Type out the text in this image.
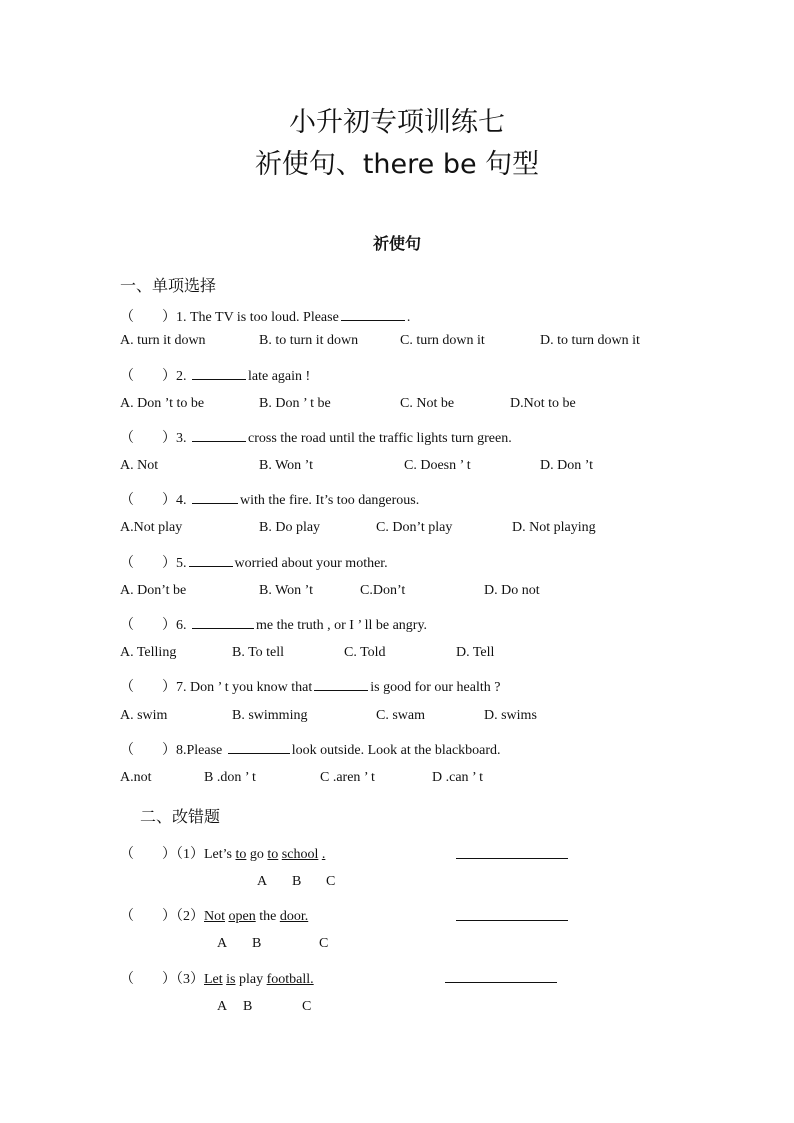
小升初专项训练七
祈使句、there be 句型
祈使句
一、单项选择
（　　）1. The TV is too loud. Please	.
A. turn it down	B. to turn it down	C. turn down it	D. to turn down it
（　　）2.	late again !
A. Don ’t to be	B. Don ’ t be	C. Not be	D.Not to be
（　　）3.	cross the road until the traffic lights turn green.
A. Not	B. Won ’t	C. Doesn ’ t	D. Don ’t
（　　）4.	with the fire. It’s too dangerous.
A.Not play	B. Do play	C. Don’t play	D. Not playing
（　　）5.	worried about your mother.
A. Don’t be	B. Won ’t	C.Don’t	D. Do not
（　　）6.	me the truth , or I ’ ll be angry.
A. Telling	B. To tell	C. Told	D. Tell
（　　）7. Don ’ t you know that	is good for our health ?
A. swim	B. swimming	C. swam	D. swims
（　　）8.Please	look outside. Look at the blackboard.
A.not	B .don ’ t	C .aren ’ t	D .can ’ t
二、改错题
（　　）（1）Let’s to go to school .
A B C
（　　）（2）Not open the door.
A B	C
（　　）（3）Let is play football.
A B	C
